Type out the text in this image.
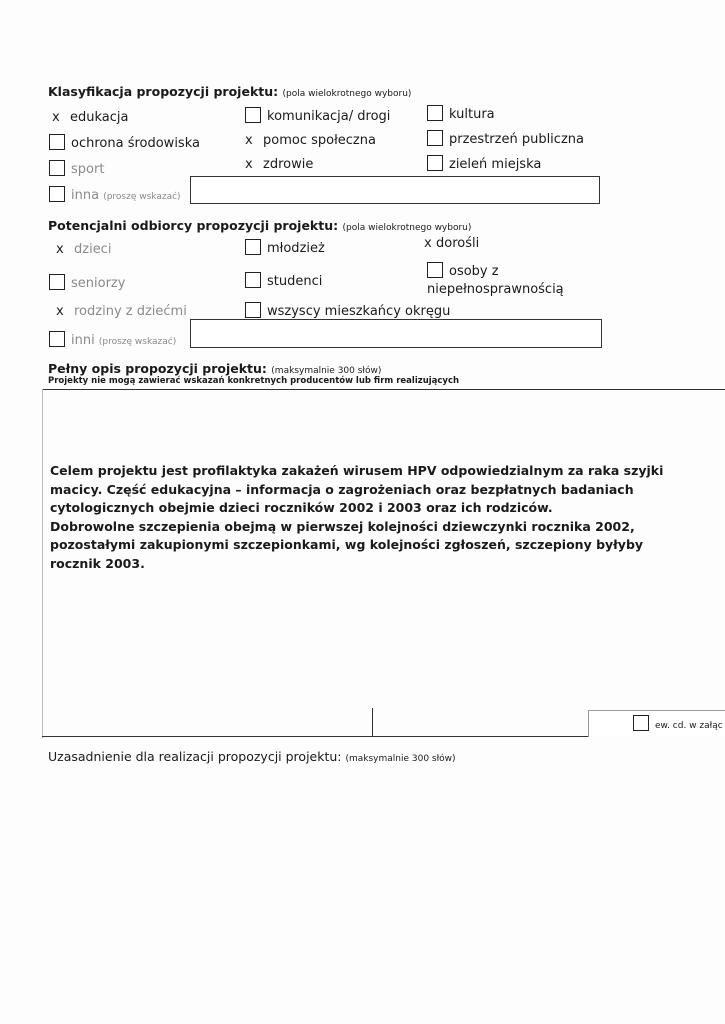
Klasyfikacja propozycji projektu: (pola wielokrotnego wyboru)
x edukacja	komunikacja/ drogi	kultura
ochrona środowiska	x pomoc społeczna	przestrzeń publiczna
sport	x zdrowie	zieleń miejska
inna (proszę wskazać)
Potencjalni odbiorcy propozycji projektu: (pola wielokrotnego wyboru)
x dzieci	młodzież	x dorośli
seniorzy	studenci
osoby z
niepełnosprawnością
x rodziny z dziećmi	wszyscy mieszkańcy okręgu
inni (proszę wskazać)
Pełny opis propozycji projektu: (maksymalnie 300 słów)
Projekty nie mogą zawierać wskazań konkretnych producentów lub firm realizujących
Celem projektu jest profilaktyka zakażeń wirusem HPV odpowiedzialnym za raka szyjki
macicy. Część edukacyjna – informacja o zagrożeniach oraz bezpłatnych badaniach
cytologicznych obejmie dzieci roczników 2002 i 2003 oraz ich rodziców.
Dobrowolne szczepienia obejmą w pierwszej kolejności dziewczynki rocznika 2002,
pozostałymi zakupionymi szczepionkami, wg kolejności zgłoszeń, szczepiony byłyby
rocznik 2003.
ew. cd. w załąc
Uzasadnienie dla realizacji propozycji projektu: (maksymalnie 300 słów)
